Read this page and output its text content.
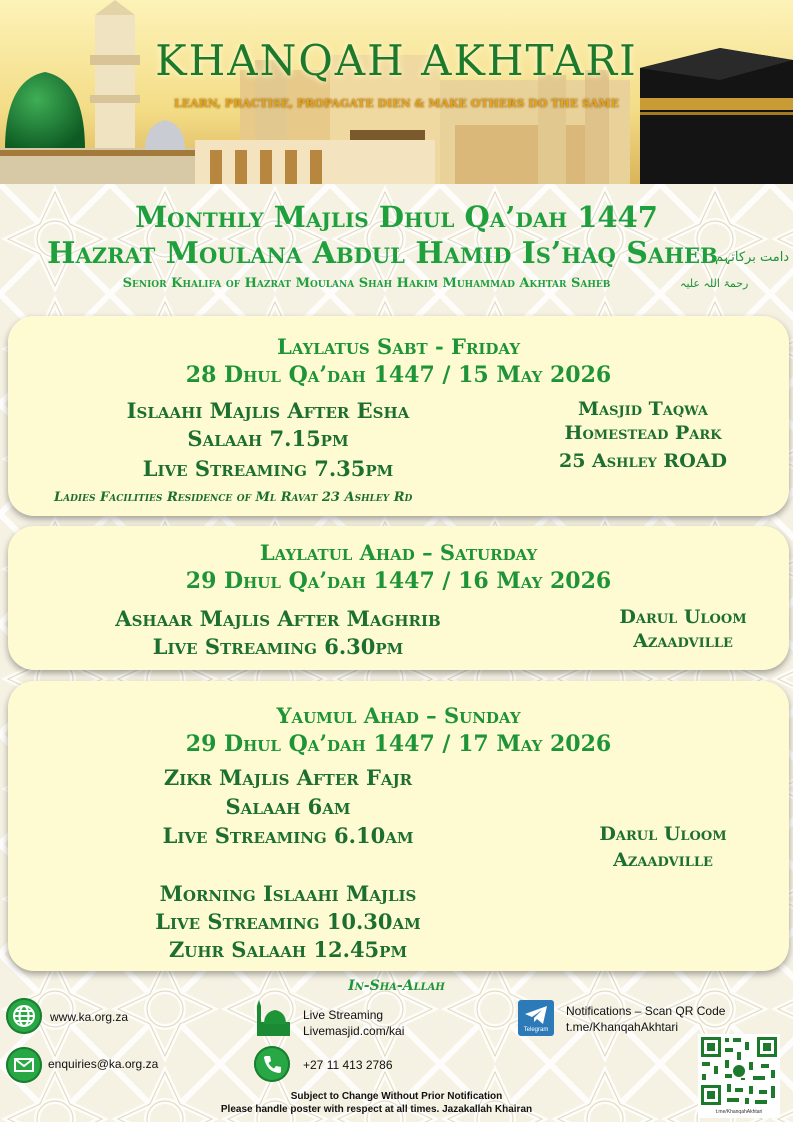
KHANQAH AKHTARI
LEARN, PRACTISE, PROPAGATE DIEN & MAKE OTHERS DO THE SAME
Monthly Majlis Dhul Qa’dah 1447
Hazrat Moulana Abdul Hamid Is’haq Saheb
دامت برکاتہم
Senior Khalifa of Hazrat Moulana Shah Hakim Muhammad Akhtar Saheb	رحمۃ اللہ علیہ
Laylatus Sabt - Friday
28 Dhul Qa’dah 1447 / 15 May 2026
Islaahi Majlis After Esha
Salaah 7.15pm
Live Streaming 7.35pm
Masjid Taqwa
Homestead Park
25 Ashley ROAD
Ladies Facilities Residence of Ml Ravat 23 Ashley Rd
Laylatul Ahad – Saturday
29 Dhul Qa’dah 1447 / 16 May 2026
Ashaar Majlis After Maghrib
Live Streaming 6.30pm
Darul Uloom
Azaadville
Yaumul Ahad – Sunday
29 Dhul Qa’dah 1447 / 17 May 2026
Zikr Majlis After Fajr
Salaah 6am
Live Streaming 6.10am
Morning Islaahi Majlis
Live Streaming 10.30am
Zuhr Salaah 12.45pm
Darul Uloom
Azaadville
In-Sha-Allah
www.ka.org.za
enquiries@ka.org.za
Live Streaming
Livemasjid.com/kai
+27 11 413 2786
Telegram
Notifications – Scan QR Code
t.me/KhanqahAkhtari
t.me/KhanqahAkhtari
Subject to Change Without Prior Notification
Please handle poster with respect at all times. Jazakallah Khairan
